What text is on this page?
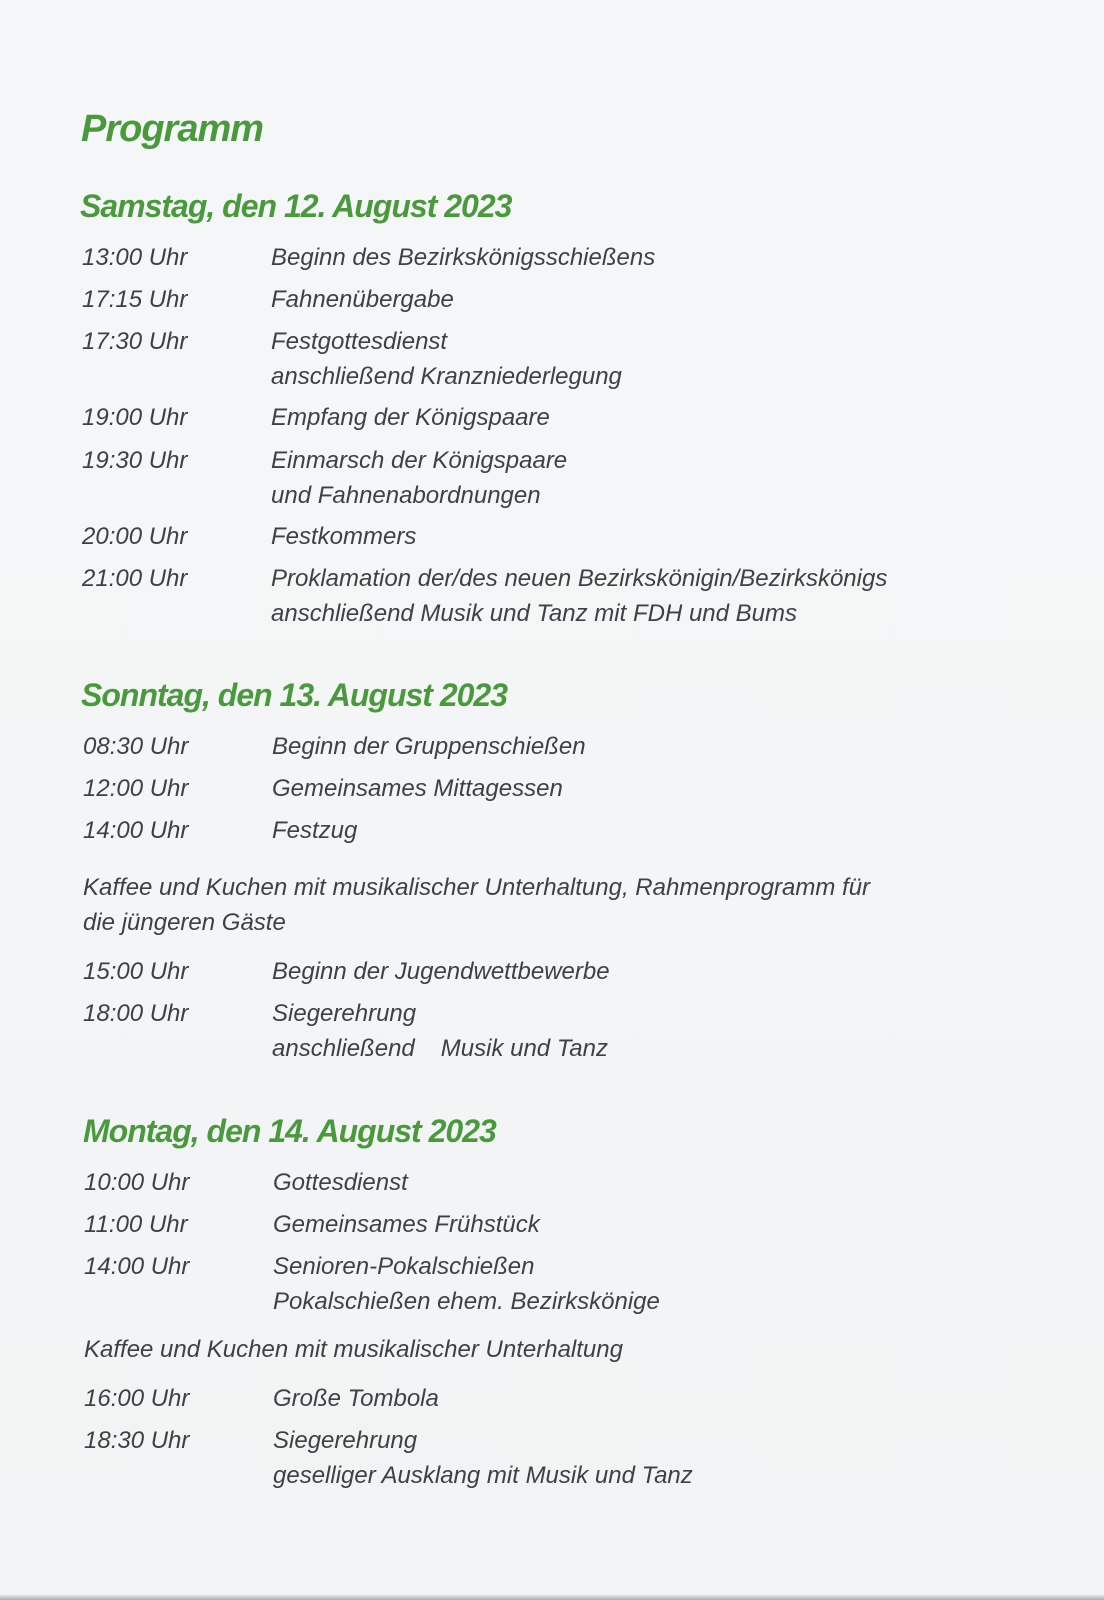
Programm
Samstag, den 12. August 2023
13:00 Uhr	Beginn des Bezirkskönigsschießens
17:15 Uhr	Fahnenübergabe
17:30 Uhr	Festgottesdienst
anschließend Kranzniederlegung
19:00 Uhr	Empfang der Königspaare
19:30 Uhr	Einmarsch der Königspaare
und Fahnenabordnungen
20:00 Uhr	Festkommers
21:00 Uhr	Proklamation der/des neuen Bezirkskönigin/Bezirkskönigs
anschließend Musik und Tanz mit FDH und Bums
Sonntag, den 13. August 2023
08:30 Uhr	Beginn der Gruppenschießen
12:00 Uhr	Gemeinsames Mittagessen
14:00 Uhr	Festzug
Kaffee und Kuchen mit musikalischer Unterhaltung, Rahmenprogramm für
die jüngeren Gäste
15:00 Uhr	Beginn der Jugendwettbewerbe
18:00 Uhr	Siegerehrung
anschließend Musik und Tanz
Montag, den 14. August 2023
10:00 Uhr	Gottesdienst
11:00 Uhr	Gemeinsames Frühstück
14:00 Uhr	Senioren-Pokalschießen
Pokalschießen ehem. Bezirkskönige
Kaffee und Kuchen mit musikalischer Unterhaltung
16:00 Uhr	Große Tombola
18:30 Uhr	Siegerehrung
geselliger Ausklang mit Musik und Tanz
